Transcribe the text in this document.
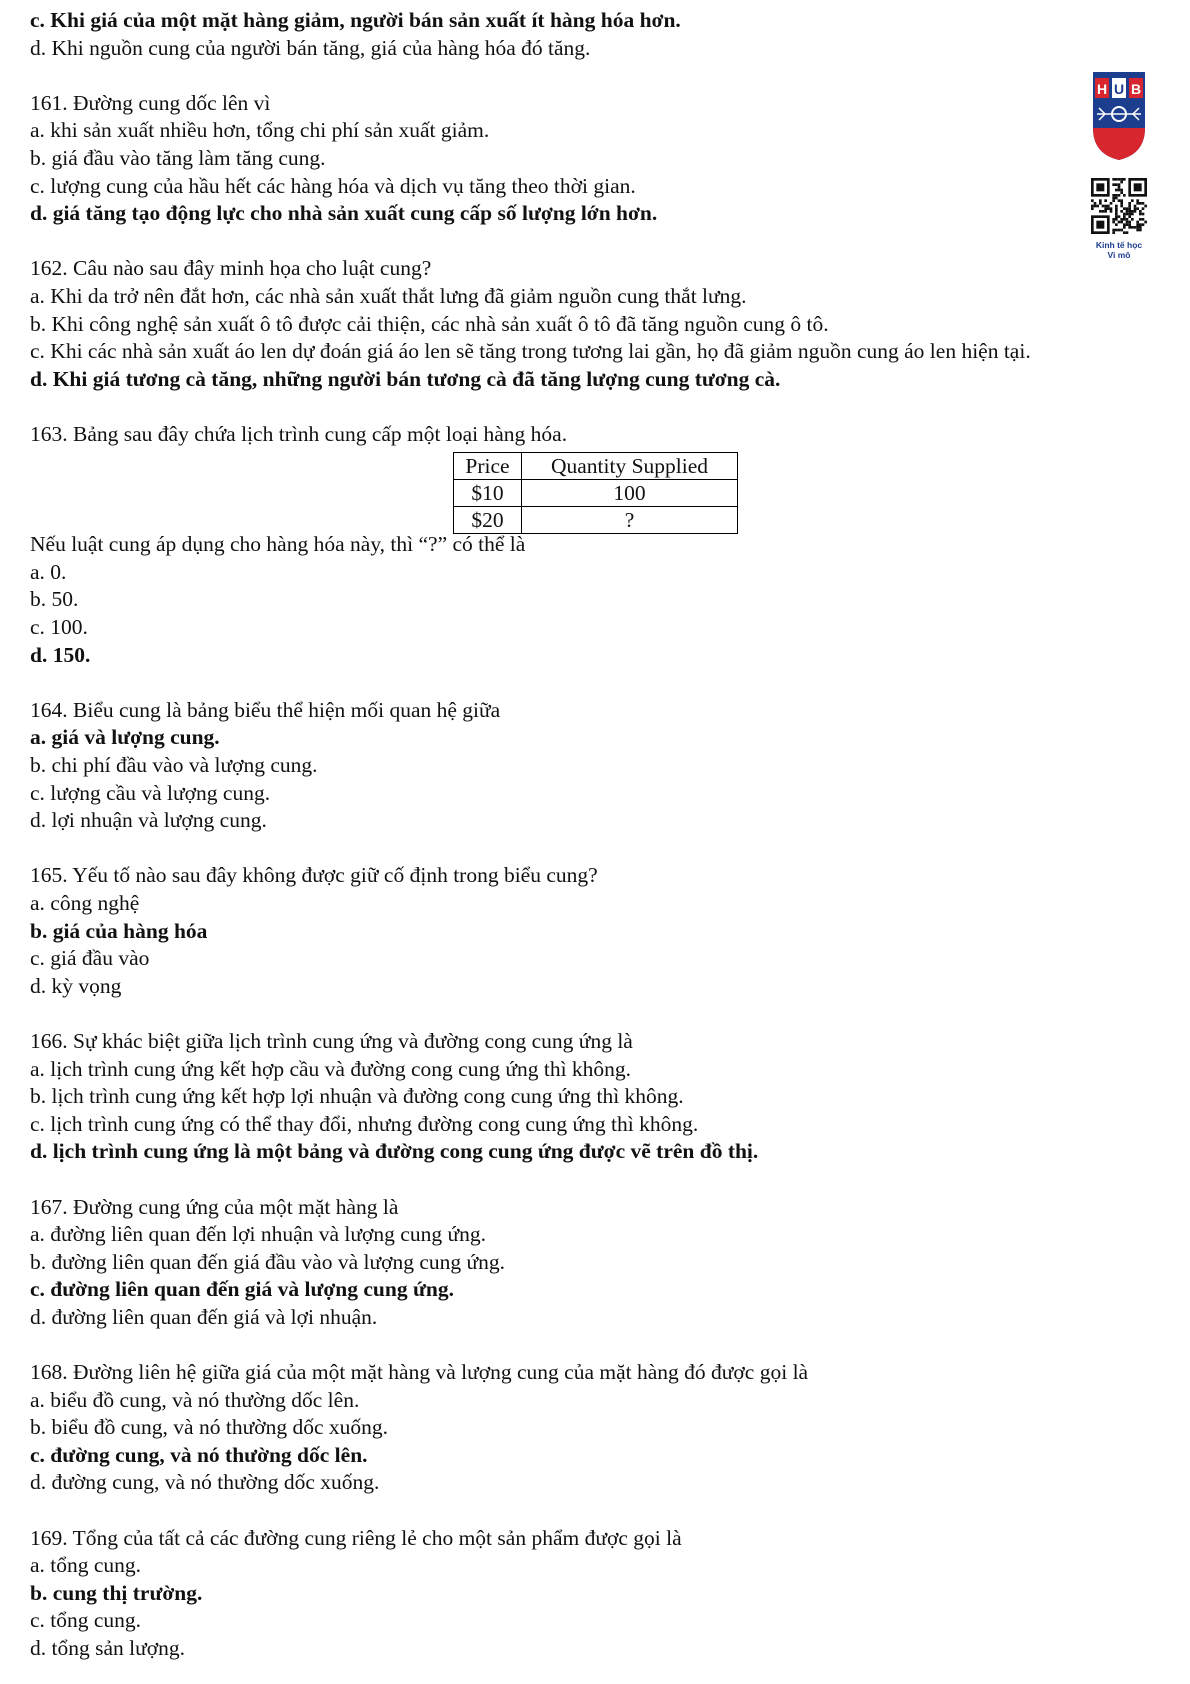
c. Khi giá của một mặt hàng giảm, người bán sản xuất ít hàng hóa hơn.
d. Khi nguồn cung của người bán tăng, giá của hàng hóa đó tăng.
161. Đường cung dốc lên vì
a. khi sản xuất nhiều hơn, tổng chi phí sản xuất giảm.
b. giá đầu vào tăng làm tăng cung.
c. lượng cung của hầu hết các hàng hóa và dịch vụ tăng theo thời gian.
d. giá tăng tạo động lực cho nhà sản xuất cung cấp số lượng lớn hơn.
162. Câu nào sau đây minh họa cho luật cung?
a. Khi da trở nên đắt hơn, các nhà sản xuất thắt lưng đã giảm nguồn cung thắt lưng.
b. Khi công nghệ sản xuất ô tô được cải thiện, các nhà sản xuất ô tô đã tăng nguồn cung ô tô.
c. Khi các nhà sản xuất áo len dự đoán giá áo len sẽ tăng trong tương lai gần, họ đã giảm nguồn cung áo len hiện tại.
d. Khi giá tương cà tăng, những người bán tương cà đã tăng lượng cung tương cà.
163. Bảng sau đây chứa lịch trình cung cấp một loại hàng hóa.
Nếu luật cung áp dụng cho hàng hóa này, thì “?” có thể là
a. 0.
b. 50.
c. 100.
d. 150.
164. Biểu cung là bảng biểu thể hiện mối quan hệ giữa
a. giá và lượng cung.
b. chi phí đầu vào và lượng cung.
c. lượng cầu và lượng cung.
d. lợi nhuận và lượng cung.
165. Yếu tố nào sau đây không được giữ cố định trong biểu cung?
a. công nghệ
b. giá của hàng hóa
c. giá đầu vào
d. kỳ vọng
166. Sự khác biệt giữa lịch trình cung ứng và đường cong cung ứng là
a. lịch trình cung ứng kết hợp cầu và đường cong cung ứng thì không.
b. lịch trình cung ứng kết hợp lợi nhuận và đường cong cung ứng thì không.
c. lịch trình cung ứng có thể thay đổi, nhưng đường cong cung ứng thì không.
d. lịch trình cung ứng là một bảng và đường cong cung ứng được vẽ trên đồ thị.
167. Đường cung ứng của một mặt hàng là
a. đường liên quan đến lợi nhuận và lượng cung ứng.
b. đường liên quan đến giá đầu vào và lượng cung ứng.
c. đường liên quan đến giá và lượng cung ứng.
d. đường liên quan đến giá và lợi nhuận.
168. Đường liên hệ giữa giá của một mặt hàng và lượng cung của mặt hàng đó được gọi là
a. biểu đồ cung, và nó thường dốc lên.
b. biểu đồ cung, và nó thường dốc xuống.
c. đường cung, và nó thường dốc lên.
d. đường cung, và nó thường dốc xuống.
169. Tổng của tất cả các đường cung riêng lẻ cho một sản phẩm được gọi là
a. tổng cung.
b. cung thị trường.
c. tổng cung.
d. tổng sản lượng.
Price	Quantity Supplied
$10	100
$20	?
H U B

Kinh tế học
Vi mô
